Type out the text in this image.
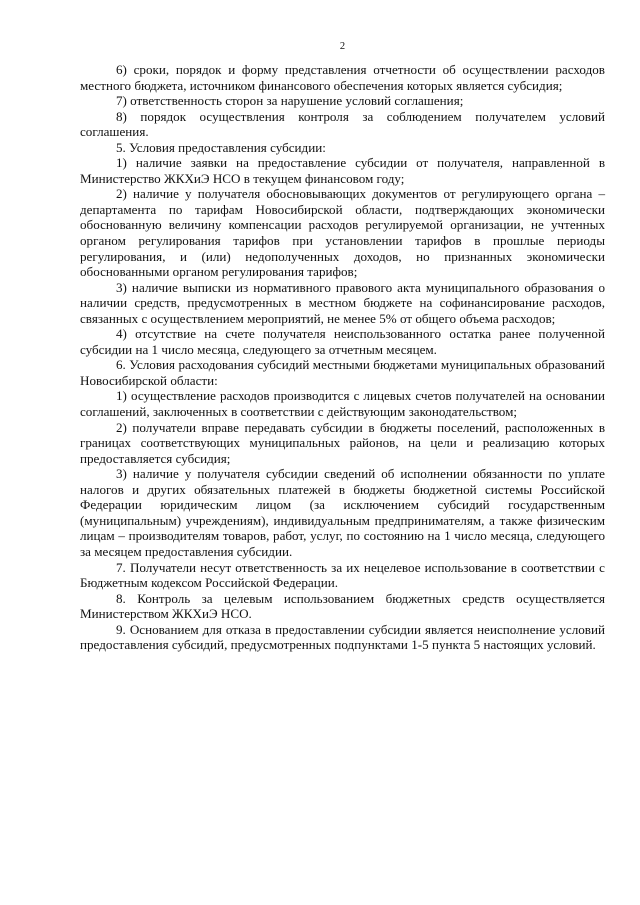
2

6) сроки, порядок и форму представления отчетности об осуществлении расходов местного бюджета, источником финансового обеспечения которых является субсидия;

7) ответственность сторон за нарушение условий соглашения;

8) порядок осуществления контроля за соблюдением получателем условий соглашения.

5. Условия предоставления субсидии:

1) наличие заявки на предоставление субсидии от получателя, направленной в Министерство ЖКХиЭ НСО в текущем финансовом году;

2) наличие у получателя обосновывающих документов от регулирующего органа – департамента по тарифам Новосибирской области, подтверждающих экономически обоснованную величину компенсации расходов регулируемой организации, не учтенных органом регулирования тарифов при установлении тарифов в прошлые периоды регулирования, и (или) недополученных доходов, но признанных экономически обоснованными органом регулирования тарифов;

3) наличие выписки из нормативного правового акта муниципального образования о наличии средств, предусмотренных в местном бюджете на софинансирование расходов, связанных с осуществлением мероприятий, не менее 5% от общего объема расходов;

4) отсутствие на счете получателя неиспользованного остатка ранее полученной субсидии на 1 число месяца, следующего за отчетным месяцем.

6. Условия расходования субсидий местными бюджетами муниципальных образований Новосибирской области:

1) осуществление расходов производится с лицевых счетов получателей на основании соглашений, заключенных в соответствии с действующим законодательством;

2) получатели вправе передавать субсидии в бюджеты поселений, расположенных в границах соответствующих муниципальных районов, на цели и реализацию которых предоставляется субсидия;

3) наличие у получателя субсидии сведений об исполнении обязанности по уплате налогов и других обязательных платежей в бюджеты бюджетной системы Российской Федерации юридическим лицом (за исключением субсидий государственным (муниципальным) учреждениям), индивидуальным предпринимателям, а также физическим лицам – производителям товаров, работ, услуг, по состоянию на 1 число месяца, следующего за месяцем предоставления субсидии.

7. Получатели несут ответственность за их нецелевое использование в соответствии с Бюджетным кодексом Российской Федерации.

8. Контроль за целевым использованием бюджетных средств осуществляется Министерством ЖКХиЭ НСО.

9. Основанием для отказа в предоставлении субсидии является неисполнение условий предоставления субсидий, предусмотренных подпунктами 1-5 пункта 5 настоящих условий.
